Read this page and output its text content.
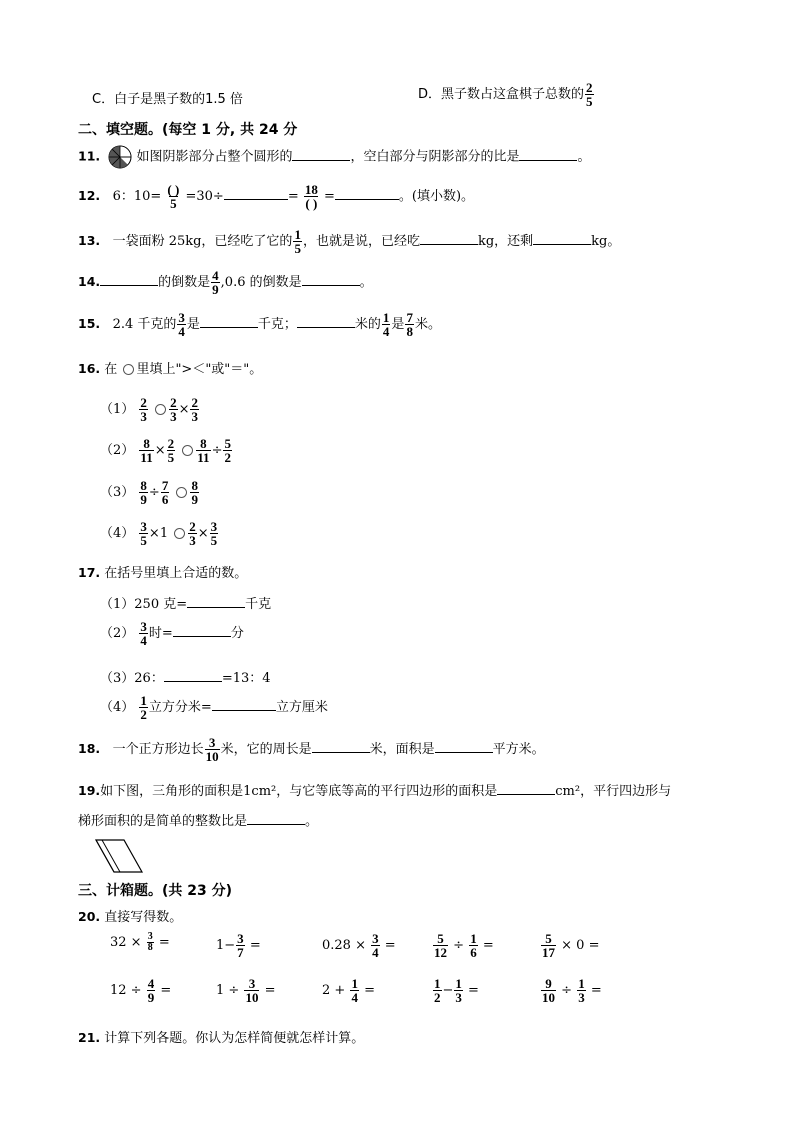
C．白子是黑子数的1.5 倍	D．黑子数占这盒棋子总数的 $\frac{2}{5}$
二、填空题。(每空 1 分, 共 24 分
11.	如图阴影部分占整个圆形的	，空白部分与阴影部分的比是	。
12. 6：10= ( )
5 =30÷	= 18
( ) =	。(填小数)。
13. 一袋面粉 25kg，已经吃了它的 $\frac{1}{5}$ ，也就是说，已经吃	kg，还剩	kg。
14.	的倒数是 $\frac{4}{9} ,0.6$ 的倒数是	。
15. 2.4 千克的 $\frac{3}{4}$ 是	千克；	米的 $\frac{1}{4}$ 是 $\frac{7}{8}$ 米。
16. 在 里填上">＜"或"＝"。
$(1) \frac{2}{3}$
$\frac{2}{3} \times \frac{2}{3}$
$(2) \frac{8}{11} \times \frac{2}{5}$
$\frac{8}{11} \div \frac{5}{2}$
$(3) \frac{8}{9} \div \frac{7}{6}$
$\frac{8}{9}$
$(4) \frac{3}{5} \times 1 \frac{2}{3} \times \frac{3}{5}$
17. 在括号里填上合适的数。
（1）250 克=	千克
$(2) \frac{3}{4}$ 时=	分
（3）26：	=13：4
$(4) \frac{1}{2}$ 立方分米=	立方厘米
18. 一个正方形边长 $\frac{3}{10}$ 米，它的周长是	米，面积是	平方米。
19.如下图，三角形的面积是1cm²，与它等底等高的平行四边形的面积是	cm²，平行四边形与
梯形面积的是简单的整数比是	。
三、计箱题。(共 23 分)
20. 直接写得数。
$32 \times \frac{3}{8}$ =	$1- \frac{3}{7}$ =	$0.28 \times \frac{3}{4}$ =	$\frac{5}{12} \div \frac{1}{6}$ =	$\frac{5}{17} \times 0$ =
$12 \div \frac{4}{9}$ =	$1 \div \frac{3}{10}$ =	$2 + \frac{1}{4}$ =	$\frac{1}{2} - \frac{1}{3}$ =	$\frac{9}{10} \div \frac{1}{3}$ =
21. 计算下列各题。你认为怎样简便就怎样计算。
